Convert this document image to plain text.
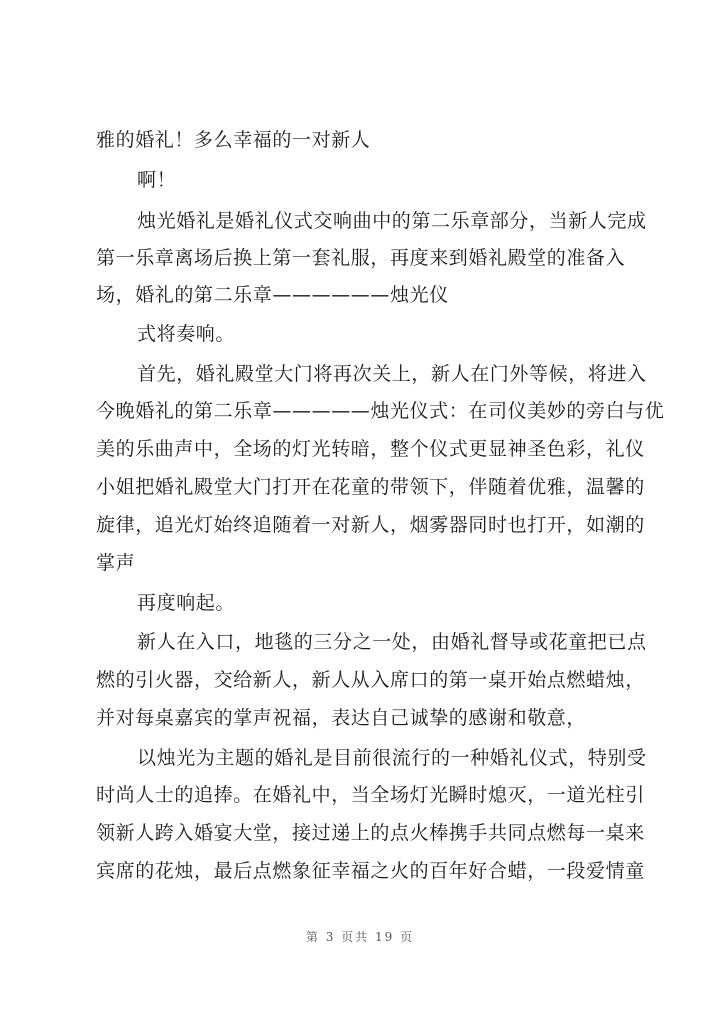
雅的婚礼！多么幸福的一对新人
啊！
烛光婚礼是婚礼仪式交响曲中的第二乐章部分，当新人完成
第一乐章离场后换上第一套礼服，再度来到婚礼殿堂的准备入
场，婚礼的第二乐章——————烛光仪
式将奏响。
首先，婚礼殿堂大门将再次关上，新人在门外等候，将进入
今晚婚礼的第二乐章—————烛光仪式：在司仪美妙的旁白与优
美的乐曲声中，全场的灯光转暗，整个仪式更显神圣色彩，礼仪
小姐把婚礼殿堂大门打开在花童的带领下，伴随着优雅，温馨的
旋律，追光灯始终追随着一对新人，烟雾器同时也打开，如潮的
掌声
再度响起。
新人在入口，地毯的三分之一处，由婚礼督导或花童把已点
燃的引火器，交给新人，新人从入席口的第一桌开始点燃蜡烛，
并对每桌嘉宾的掌声祝福，表达自己诚挚的感谢和敬意，
以烛光为主题的婚礼是目前很流行的一种婚礼仪式，特别受
时尚人士的追捧。在婚礼中，当全场灯光瞬时熄灭，一道光柱引
领新人跨入婚宴大堂，接过递上的点火棒携手共同点燃每一桌来
宾席的花烛，最后点燃象征幸福之火的百年好合蜡，一段爱情童
第 3 页共 19 页
